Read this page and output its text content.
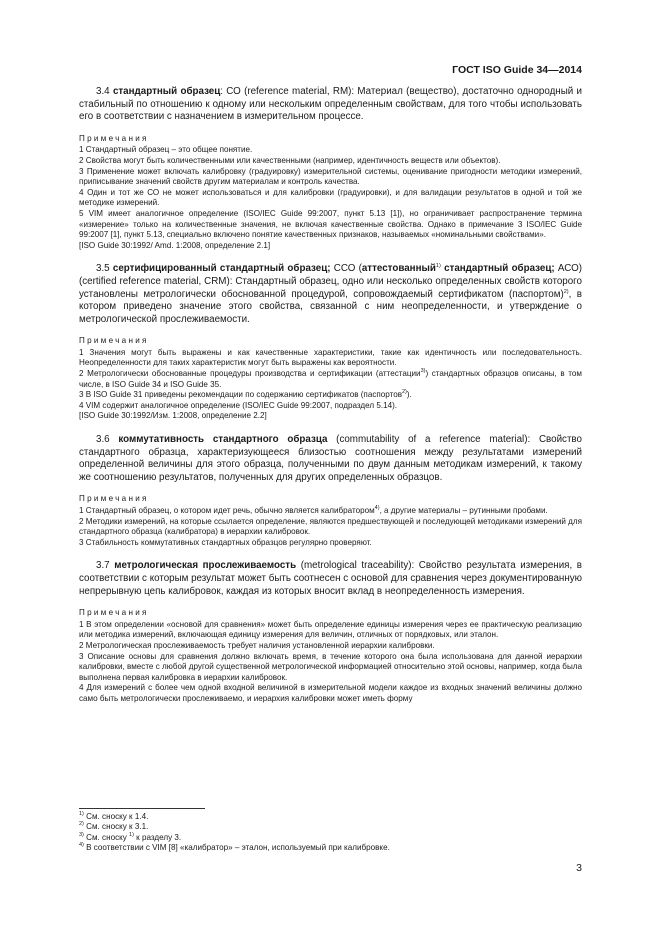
ГОСТ ISO Guide 34—2014

3.4 стандартный образец: СО (reference material, RM): Материал (вещество), достаточно однородный и стабильный по отношению к одному или нескольким определенным свойствам, для того чтобы использовать его в соответствии с назначением в измерительном процессе.

Примечания

1 Стандартный образец – это общее понятие.

2 Свойства могут быть количественными или качественными (например, идентичность веществ или объектов).

3 Применение может включать калибровку (градуировку) измерительной системы, оценивание пригодности методики измерений, приписывание значений свойств другим материалам и контроль качества.

4 Один и тот же СО не может использоваться и для калибровки (градуировки), и для валидации результатов в одной и той же методике измерений.

5 VIM имеет аналогичное определение (ISO/IEC Guide 99:2007, пункт 5.13 [1]), но ограничивает распространение термина «измерение» только на количественные значения, не включая качественные свойства. Однако в примечание 3 ISO/IEC Guide 99:2007 [1], пункт 5.13, специально включено понятие качественных признаков, называемых «номинальными свойствами».

[ISO Guide 30:1992/ Amd. 1:2008, определение 2.1]

3.5 сертифицированный стандартный образец; ССО (аттестованный$^{1)}$ стандартный образец; АСО) (certified reference material, CRM): Стандартный образец, одно или несколько определенных свойств которого установлены метрологически обоснованной процедурой, сопровождаемый сертификатом (паспортом)$^{2)}$, в котором приведено значение этого свойства, связанной с ним неопределенности, и утверждение о метрологической прослеживаемости.

Примечания

1 Значения могут быть выражены и как качественные характеристики, такие как идентичность или последовательность. Неопределенности для таких характеристик могут быть выражены как вероятности.

2 Метрологически обоснованные процедуры производства и сертификации (аттестации$^{3)}$) стандартных образцов описаны, в том числе, в ISO Guide 34 и ISO Guide 35.

3 В ISO Guide 31 приведены рекомендации по содержанию сертификатов (паспортов$^{2)}$).

4 VIM содержит аналогичное определение (ISO/IEC Guide 99:2007, подраздел 5.14).

[ISO Guide 30:1992/Изм. 1:2008, определение 2.2]

3.6 коммутативность стандартного образца (commutability of a reference material): Свойство стандартного образца, характеризующееся близостью соотношения между результатами измерений определенной величины для этого образца, полученными по двум данным методикам измерений, к такому же соотношению результатов, полученных для других определенных образцов.

Примечания

1 Стандартный образец, о котором идет речь, обычно является калибратором$^{4)}$, а другие материалы – рутинными пробами.

2 Методики измерений, на которые ссылается определение, являются предшествующей и последующей методиками измерений для стандартного образца (калибратора) в иерархии калибровок.

3 Стабильность коммутативных стандартных образцов регулярно проверяют.

3.7 метрологическая прослеживаемость (metrological traceability): Свойство результата измерения, в соответствии с которым результат может быть соотнесен с основой для сравнения через документированную непрерывную цепь калибровок, каждая из которых вносит вклад в неопределенность измерения.

Примечания

1 В этом определении «основой для сравнения» может быть определение единицы измерения через ее практическую реализацию или методика измерений, включающая единицу измерения для величин, отличных от порядковых, или эталон.

2 Метрологическая прослеживаемость требует наличия установленной иерархии калибровки.

3 Описание основы для сравнения должно включать время, в течение которого она была использована для данной иерархии калибровки, вместе с любой другой существенной метрологической информацией относительно этой основы, например, когда была выполнена первая калибровка в иерархии калибровок.

4 Для измерений с более чем одной входной величиной в измерительной модели каждое из входных значений величины должно само быть метрологически прослеживаемо, и иерархия калибровки может иметь форму

$^{1)}$ См. сноску к 1.4.

$^{2)}$ См. сноску к 3.1.

$^{3)}$ См. сноску $^{1)}$ к разделу 3.

$^{4)}$ В соответствии с VIM [8] «калибратор» – эталон, используемый при калибровке.

3
